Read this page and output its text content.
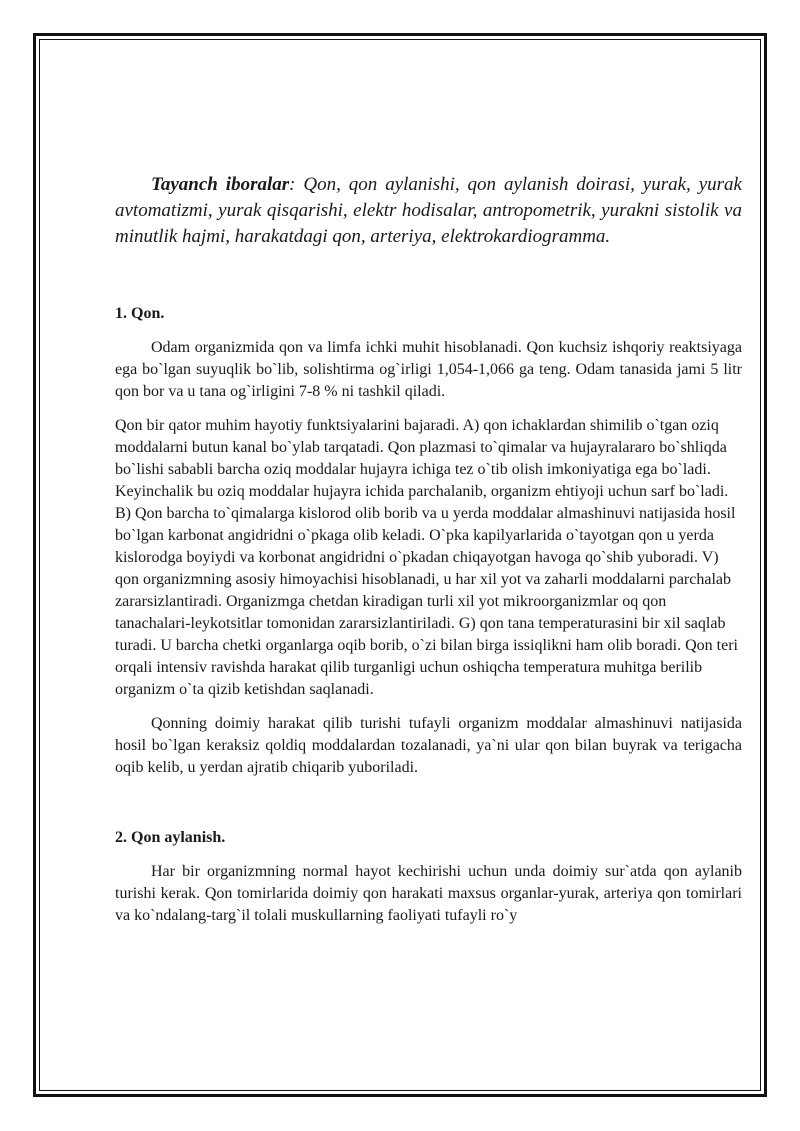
Tayanch iboralar: Qon, qon aylanishi, qon aylanish doirasi, yurak, yurak avtomatizmi, yurak qisqarishi, elektr hodisalar, antropometrik, yurakni sistolik va minutlik hajmi, harakatdagi qon, arteriya, elektrokardiogramma.

1. Qon.

Odam organizmida qon va limfa ichki muhit hisoblanadi. Qon kuchsiz ishqoriy reaktsiyaga ega bo`lgan suyuqlik bo`lib, solishtirma og`irligi 1,054-1,066 ga teng. Odam tanasida jami 5 litr qon bor va u tana og`irligini 7-8 % ni tashkil qiladi.

Qon bir qator muhim hayotiy funktsiyalarini bajaradi. A) qon ichaklardan shimilib o`tgan oziq moddalarni butun kanal bo`ylab tarqatadi. Qon plazmasi to`qimalar va hujayralararo bo`shliqda bo`lishi sababli barcha oziq moddalar hujayra ichiga tez o`tib olish imkoniyatiga ega bo`ladi. Keyinchalik bu oziq moddalar hujayra ichida parchalanib, organizm ehtiyoji uchun sarf bo`ladi. B) Qon barcha to`qimalarga kislorod olib borib va u yerda moddalar almashinuvi natijasida hosil bo`lgan karbonat angidridni o`pkaga olib keladi. O`pka kapilyarlarida o`tayotgan qon u yerda kislorodga boyiydi va korbonat angidridni o`pkadan chiqayotgan havoga qo`shib yuboradi. V) qon organizmning asosiy himoyachisi hisoblanadi, u har xil yot va zaharli moddalarni parchalab zararsizlantiradi. Organizmga chetdan kiradigan turli xil yot mikroorganizmlar oq qon tanachalari-leykotsitlar tomonidan zararsizlantiriladi. G) qon tana temperaturasini bir xil saqlab turadi. U barcha chetki organlarga oqib borib, o`zi bilan birga issiqlikni ham olib boradi. Qon teri orqali intensiv ravishda harakat qilib turganligi uchun oshiqcha temperatura muhitga berilib organizm o`ta qizib ketishdan saqlanadi.

Qonning doimiy harakat qilib turishi tufayli organizm moddalar almashinuvi natijasida hosil bo`lgan keraksiz qoldiq moddalardan tozalanadi, ya`ni ular qon bilan buyrak va terigacha oqib kelib, u yerdan ajratib chiqarib yuboriladi.

2. Qon aylanish.

Har bir organizmning normal hayot kechirishi uchun unda doimiy sur`atda qon aylanib turishi kerak. Qon tomirlarida doimiy qon harakati maxsus organlar-yurak, arteriya qon tomirlari va ko`ndalang-targ`il tolali muskullarning faoliyati tufayli ro`y
